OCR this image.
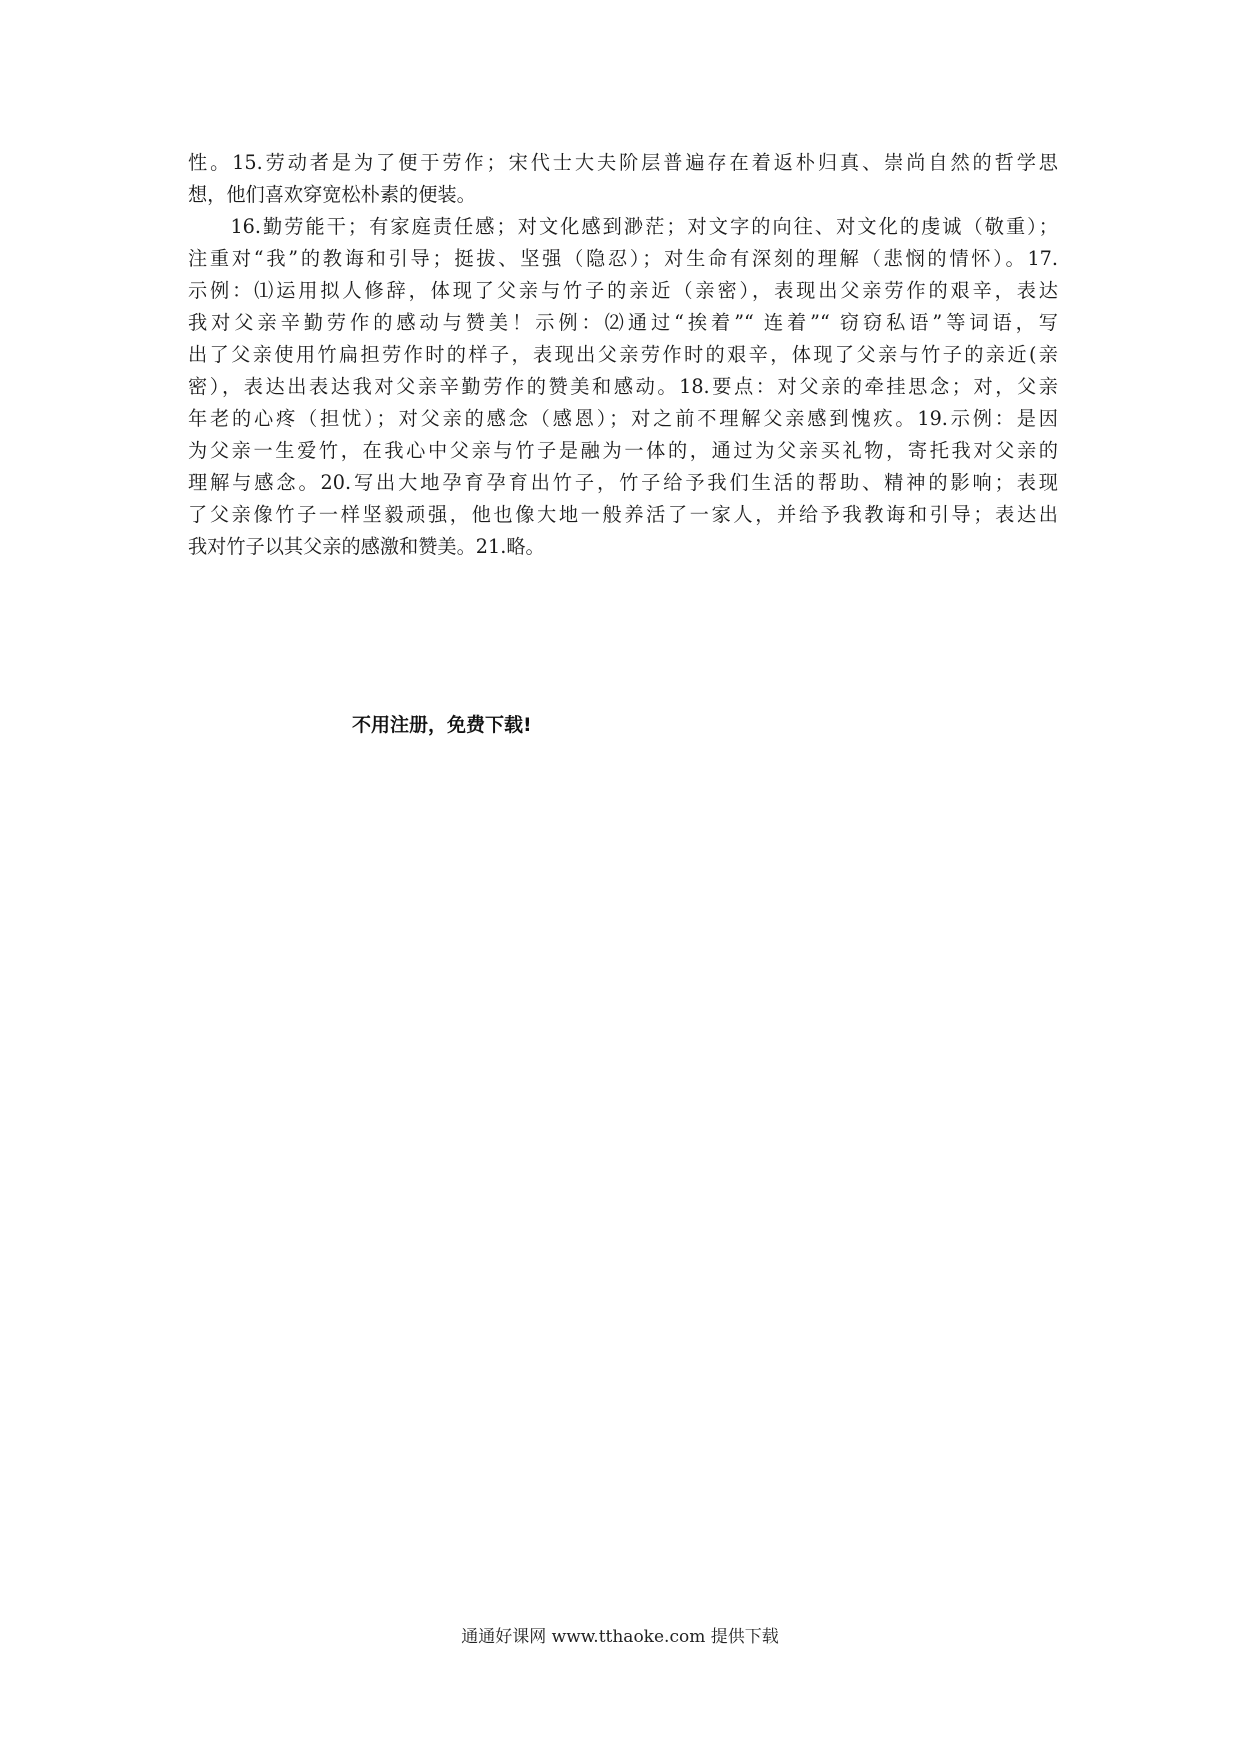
性。15.劳动者是为了便于劳作；宋代士大夫阶层普遍存在着返朴归真、崇尚自然的哲学思
想，他们喜欢穿宽松朴素的便装。
　　16.勤劳能干；有家庭责任感；对文化感到渺茫；对文字的向往、对文化的虔诚（敬重）；
注重对“我”的教诲和引导；挺拔、坚强（隐忍）；对生命有深刻的理解（悲悯的情怀）。17.
示例：⑴运用拟人修辞，体现了父亲与竹子的亲近（亲密），表现出父亲劳作的艰辛，表达
我对父亲辛勤劳作的感动与赞美！示例：⑵通过“挨着”“ 连着”“ 窃窃私语”等词语，写
出了父亲使用竹扁担劳作时的样子，表现出父亲劳作时的艰辛，体现了父亲与竹子的亲近(亲
密），表达出表达我对父亲辛勤劳作的赞美和感动。18.要点：对父亲的牵挂思念；对，父亲
年老的心疼（担忧）；对父亲的感念（感恩）；对之前不理解父亲感到愧疚。19.示例：是因
为父亲一生爱竹，在我心中父亲与竹子是融为一体的，通过为父亲买礼物，寄托我对父亲的
理解与感念。20.写出大地孕育孕育出竹子，竹子给予我们生活的帮助、精神的影响；表现
了父亲像竹子一样坚毅顽强，他也像大地一般养活了一家人，并给予我教诲和引导；表达出
我对竹子以其父亲的感激和赞美。21.略。
不用注册，免费下载!
通通好课网 www.tthaoke.com 提供下载
